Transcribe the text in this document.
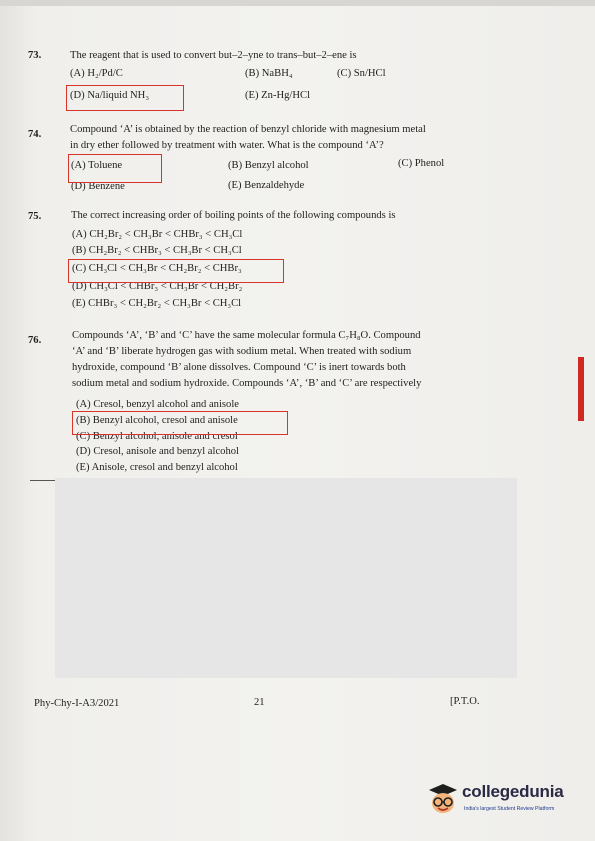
73.	The reagent that is used to convert but–2–yne to trans–but–2–ene is
(A) H₂/Pd/C	(B) NaBH₄	(C) Sn/HCl
(D) Na/liquid NH₃	(E) Zn-Hg/HCl
74.	Compound ‘A’ is obtained by the reaction of benzyl chloride with magnesium metal
in dry ether followed by treatment with water. What is the compound ‘A’?
(A) Toluene	(B) Benzyl alcohol	(C) Phenol
(D) Benzene	(E) Benzaldehyde
75.	The correct increasing order of boiling points of the following compounds is
(A) CH₂Br₂ < CH₃Br < CHBr₃ < CH₃Cl
(B) CH₂Br₂ < CHBr₃ < CH₃Br < CH₃Cl
(C) CH₃Cl < CH₃Br < CH₂Br₂ < CHBr₃
(D) CH₃Cl < CHBr₃ < CH₃Br < CH₂Br₂
(E) CHBr₃ < CH₂Br₂ < CH₃Br < CH₃Cl
76.	Compounds ‘A’, ‘B’ and ‘C’ have the same molecular formula C₇H₈O. Compound
‘A’ and ‘B’ liberate hydrogen gas with sodium metal. When treated with sodium
hydroxide, compound ‘B’ alone dissolves. Compound ‘C’ is inert towards both
sodium metal and sodium hydroxide. Compounds ‘A’, ‘B’ and ‘C’ are respectively
(A) Cresol, benzyl alcohol and anisole
(B) Benzyl alcohol, cresol and anisole
(C) Benzyl alcohol, anisole and cresol
(D) Cresol, anisole and benzyl alcohol
(E) Anisole, cresol and benzyl alcohol
Phy-Chy-I-A3/2021	21	[P.T.O.
collegedunia
India's largest Student Review Platform
